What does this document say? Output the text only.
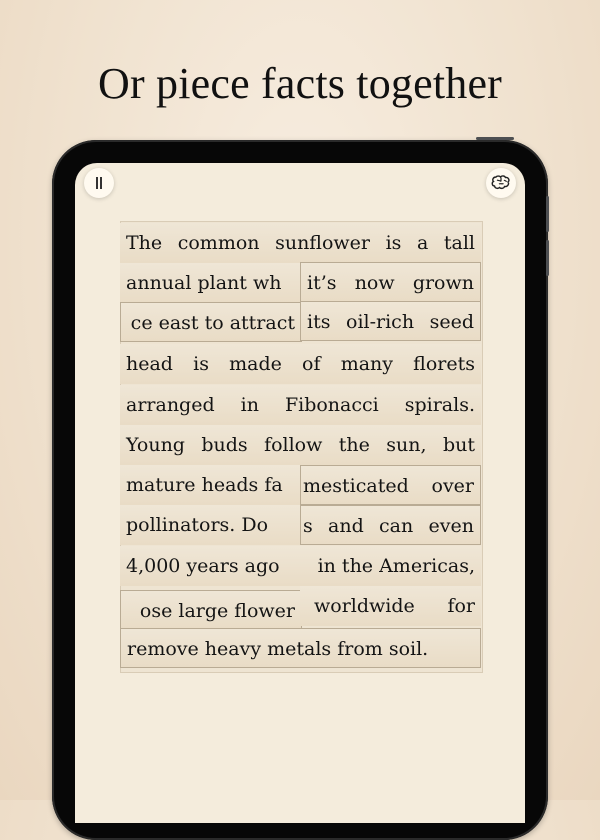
Or piece facts together
The common sunflower is a tall
annual plant wh it’s now grown
ce east to attract its oil-rich seed
head is made of many florets
arranged in Fibonacci spirals.
Young buds follow the sun, but
mature heads fa mesticated over
pollinators. Do s and can even
4,000 years ago in the Americas,
ose large flower worldwide for
remove heavy metals from soil.
